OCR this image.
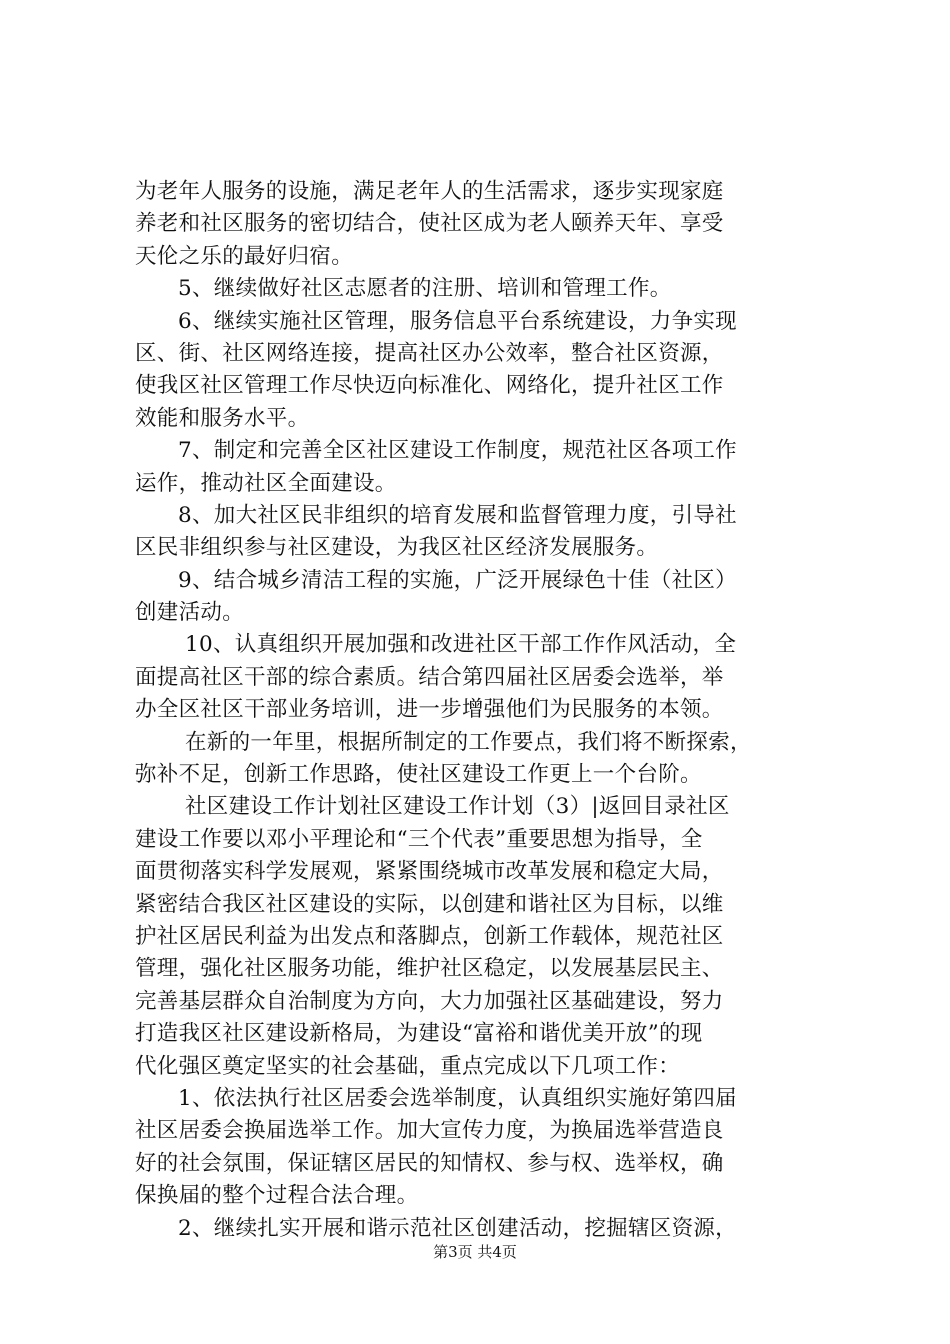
为老年人服务的设施，满足老年人的生活需求，逐步实现家庭
养老和社区服务的密切结合，使社区成为老人颐养天年、享受
天伦之乐的最好归宿。
5、继续做好社区志愿者的注册、培训和管理工作。
6、继续实施社区管理，服务信息平台系统建设，力争实现
区、街、社区网络连接，提高社区办公效率，整合社区资源，
使我区社区管理工作尽快迈向标准化、网络化，提升社区工作
效能和服务水平。
7、制定和完善全区社区建设工作制度，规范社区各项工作
运作，推动社区全面建设。
8、加大社区民非组织的培育发展和监督管理力度，引导社
区民非组织参与社区建设，为我区社区经济发展服务。
9、结合城乡清洁工程的实施，广泛开展绿色十佳（社区）
创建活动。
10、认真组织开展加强和改进社区干部工作作风活动，全
面提高社区干部的综合素质。结合第四届社区居委会选举，举
办全区社区干部业务培训，进一步增强他们为民服务的本领。
在新的一年里，根据所制定的工作要点，我们将不断探索，
弥补不足，创新工作思路，使社区建设工作更上一个台阶。
社区建设工作计划社区建设工作计划（3）|返回目录社区
建设工作要以邓小平理论和“三个代表”重要思想为指导，全
面贯彻落实科学发展观，紧紧围绕城市改革发展和稳定大局，
紧密结合我区社区建设的实际，以创建和谐社区为目标，以维
护社区居民利益为出发点和落脚点，创新工作载体，规范社区
管理，强化社区服务功能，维护社区稳定，以发展基层民主、
完善基层群众自治制度为方向，大力加强社区基础建设，努力
打造我区社区建设新格局，为建设“富裕和谐优美开放”的现
代化强区奠定坚实的社会基础，重点完成以下几项工作：
1、依法执行社区居委会选举制度，认真组织实施好第四届
社区居委会换届选举工作。加大宣传力度，为换届选举营造良
好的社会氛围，保证辖区居民的知情权、参与权、选举权，确
保换届的整个过程合法合理。
2、继续扎实开展和谐示范社区创建活动，挖掘辖区资源，
第3页 共4页
